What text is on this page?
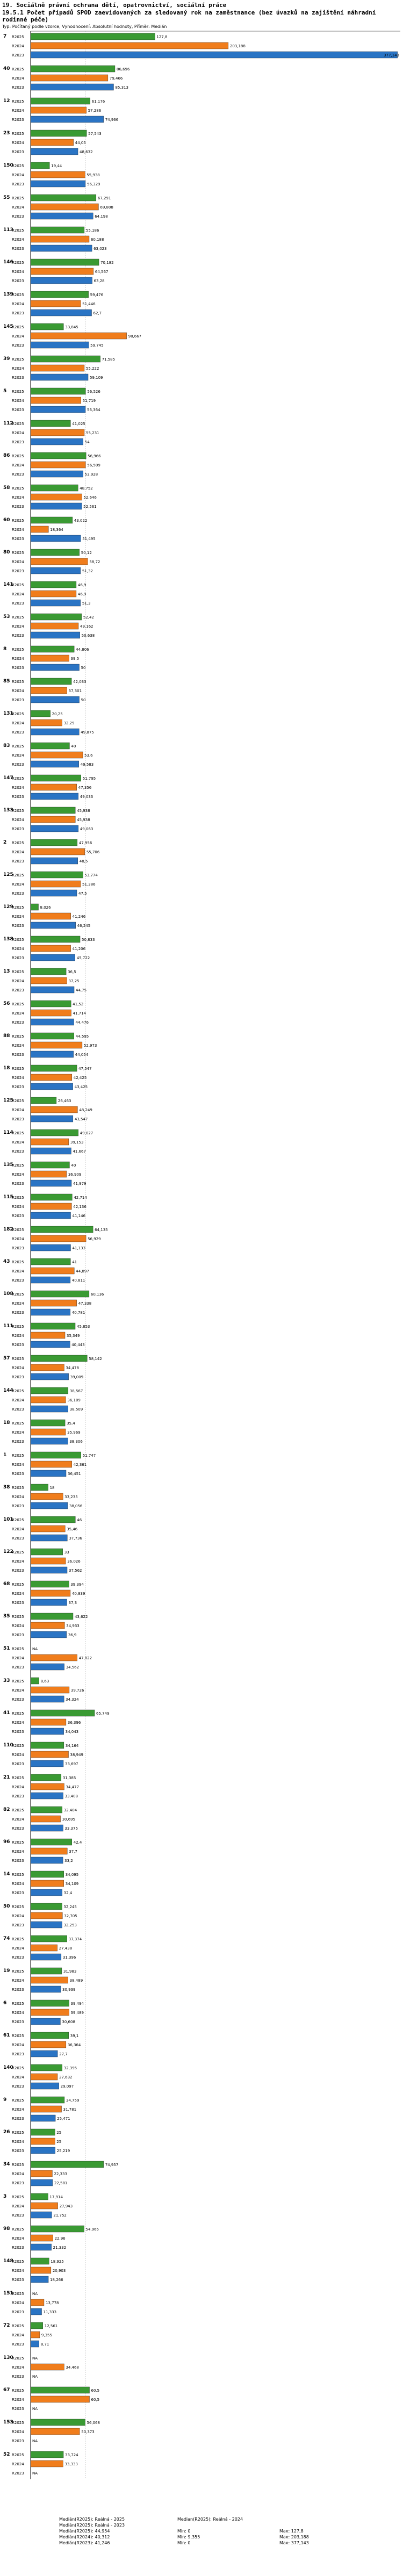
19. Sociálně právní ochrana dětí, opatrovnictví, sociální práce

19.5.1 Počet případů SPOD zaevidovaných za sledovaný rok na zaměstnance (bez úvazků na zajištění náhradní rodinné péče)

Typ: Počítaný podle vzorce, Vyhodnocení: Absolutní hodnoty, Příměr: Medián

7 R2025	127,8
R2024	203,188
R2023	377,143
40 R2025	86,696
R2024	79,466
R2023	85,313
12 R2025	61,176
R2024	57,286
R2023	74,966
23 R2025	57,543
R2024	44,05
R2023	48,632
150
R2025	19,44
R2024	55,938
R2023	56,329
55 R2025	67,291
R2024	69,808
R2023	64,198
113
R2025	55,186
R2024	60,188
R2023	63,023
146
R2025	70,182
R2024	64,567
R2023	63,28
139
R2025	59,476
R2024	51,446
R2023	62,7
145
R2025	33,845
R2024	98,667
R2023	59,745
39 R2025	71,585
R2024	55,222
R2023	59,109
5 R2025	56,526
R2024	51,719
R2023	56,364
112
R2025	41,025
R2024	55,231
R2023	54
86 R2025	56,966
R2024	56,509
R2023	53,928
58 R2025	48,752
R2024	52,646
R2023	52,561
60 R2025	43,022
R2024	18,364
R2023	51,495
80 R2025	50,12
R2024	58,72
R2023	51,32
141
R2025	46,9
R2024	46,9
R2023	51,3
53 R2025	52,42
R2024	49,162
R2023	50,638
8 R2025	44,806
R2024	39,5
R2023	50
85 R2025	42,033
R2024	37,301
R2023	50
131
R2025	20,25
R2024	32,29
R2023	49,875
83 R2025	40
R2024	53,6
R2023	49,583
147
R2025	51,795
R2024	47,356
R2023	49,033
133
R2025	45,938
R2024	45,938
R2023	49,063
2 R2025	47,956
R2024	55,706
R2023	48,5
125
R2025	53,774
R2024	51,386
R2023	47,5
129
R2025	8,026
R2024	41,246
R2023	46,245
138
R2025	50,833
R2024	41,206
R2023	45,722
13 R2025	36,5
R2024	37,25
R2023	44,75
56 R2025	41,52
R2024	41,714
R2023	44,476
88 R2025	44,595
R2024	52,973
R2023	44,054
18 R2025	47,547
R2024	42,425
R2023	43,425
125
R2025	26,463
R2024	48,249
R2023	43,547
114
R2025	49,027
R2024	39,153
R2023	41,667
135
R2025	40
R2024	36,909
R2023	41,979
115
R2025	42,714
R2024	42,136
R2023	41,146
182
R2025	64,135
R2024	56,929
R2023	41,133
43 R2025	41
R2024	44,897
R2023	40,811
108
R2025	60,136
R2024	47,338
R2023	40,781
111
R2025	45,853
R2024	35,349
R2023	40,443
57 R2025	58,142
R2024	34,478
R2023	39,009
144
R2025	38,567
R2024	36,109
R2023	38,509
18 R2025	35,4
R2024	35,969
R2023	38,306
1 R2025	51,747
R2024	42,361
R2023	36,451
38 R2025	18
R2024	33,235
R2023	38,056
101
R2025	46
R2024	35,46
R2023	37,736
122
R2025	33
R2024	36,026
R2023	37,562
68 R2025	39,394
R2024	40,839
R2023	37,3
35 R2025	43,622
R2024	34,933
R2023	36,9
51 R2025 NA
R2024	47,822
R2023	34,562
33 R2025	8,63
R2024	39,726
R2023	34,324
41 R2025	65,749
R2024	36,396
R2023	34,043
110
R2025	34,164
R2024	38,949
R2023	33,697
21 R2025	31,385
R2024	34,477
R2023	33,408
82 R2025	32,404
R2024	30,695
R2023	33,375
96 R2025	42,4
R2024	37,7
R2023	33,2
14 R2025	34,095
R2024	34,109
R2023	32,4
50 R2025	32,245
R2024	32,705
R2023	32,253
74 R2025	37,374
R2024	27,438
R2023	31,396
19 R2025	31,983
R2024	38,489
R2023	30,939
6 R2025	39,494
R2024	39,489
R2023	30,608
61 R2025	39,1
R2024	36,364
R2023	27,7
140
R2025	32,395
R2024	27,632
R2023	29,097
9 R2025	34,759
R2024	31,781
R2023	25,471
26 R2025	25
R2024	25
R2023	25,219
34 R2025	74,957
R2024	22,333
R2023	22,581
3 R2025	17,914
R2024	27,943
R2023	21,752
98 R2025	54,965
R2024	22,96
R2023	21,332
148
R2025	18,925
R2024	20,903
R2023	18,266
151
R2025 NA
R2024	13,778
R2023	11,333
72 R2025	12,561
R2024	9,355
R2023	8,71
130
R2025 NA
R2024	34,468
R2023 NA
67 R2025	60,5
R2024	60,5
R2023 NA
153
R2025	56,068
R2024	50,373
R2023 NA
52 R2025	33,724
R2024	33,333
R2023 NA
Medián(R2025): Reálná - 2025	Median(R2025): Reálná - 2024
Medián(R2025): Reálná - 2023
Medián(R2025): 44,954	Min: 0	Max: 127,8
Medián(R2024): 40,312	Min: 9,355	Max: 203,188
Medián(R2023): 41,246	Min: 0	Max: 377,143
